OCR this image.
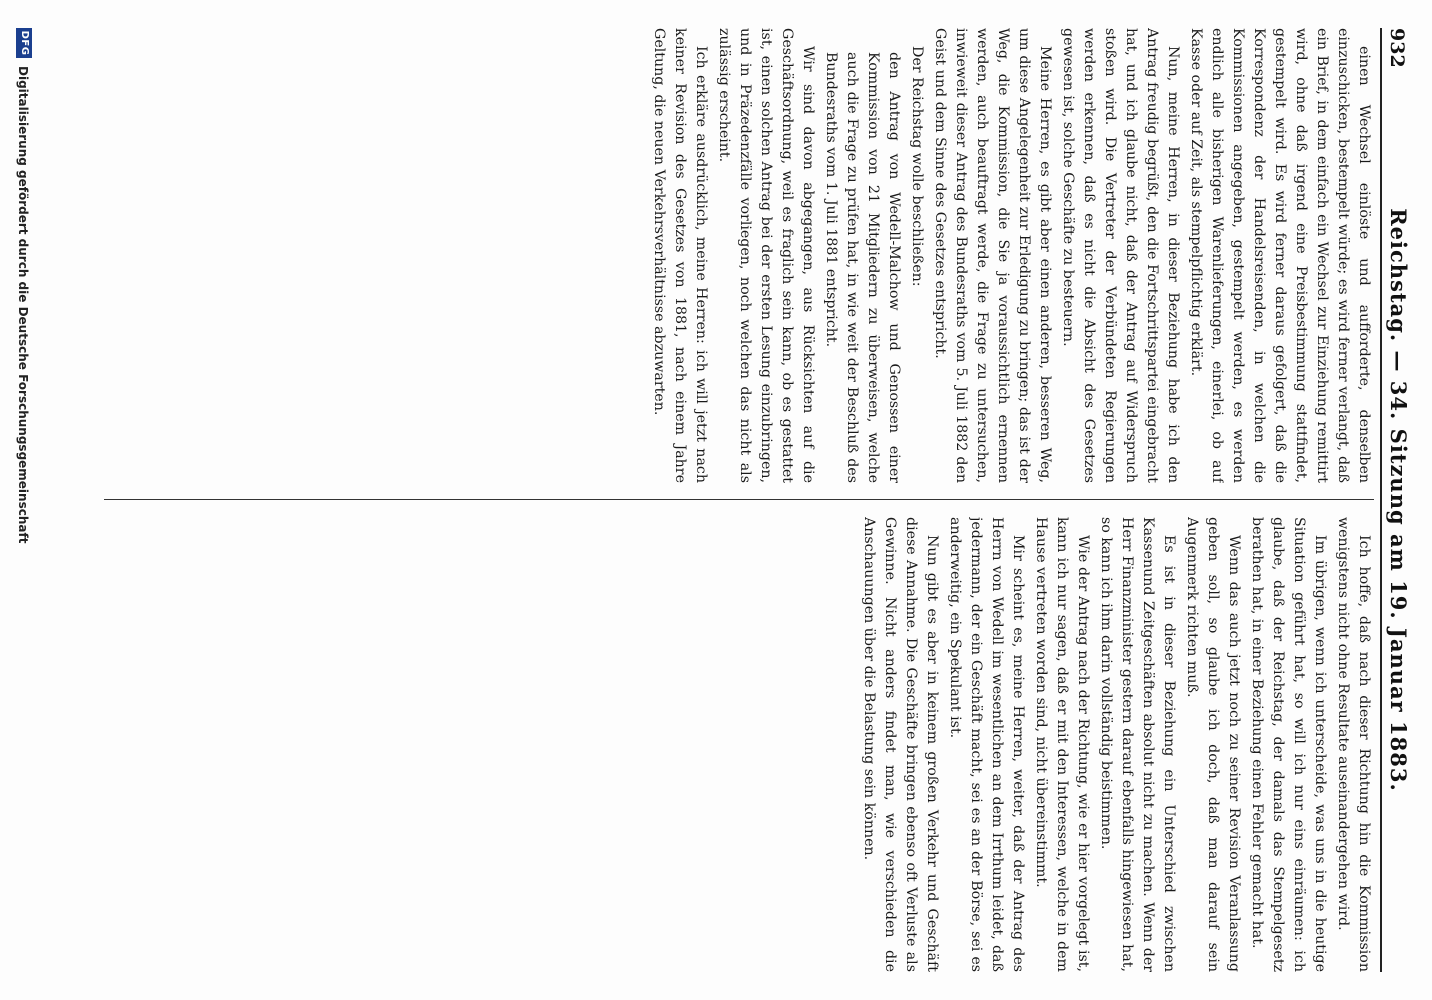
932
Reichstag. — 34. Sitzung am 19. Januar 1883.

einen Wechsel einlöste und aufforderte, denselben einzuschicken, bestempelt würde; es wird ferner verlangt, daß ein Brief, in dem einfach ein Wechsel zur Einziehung remittirt wird, ohne daß irgend eine Preisbestimmung stattfindet, gestempelt wird. Es wird ferner daraus gefolgert, daß die Korrespondenz der Handelsreisenden, in welchen die Kommissionen angegeben, gestempelt werden, es werden endlich alle bisherigen Warenlieferungen, einerlei, ob auf Kasse oder auf Zeit, als stempelpflichtig erklärt.

Nun, meine Herren, in dieser Beziehung habe ich den Antrag freudig begrüßt, den die Fortschrittspartei eingebracht hat, und ich glaube nicht, daß der Antrag auf Widerspruch stoßen wird. Die Vertreter der Verbündeten Regierungen werden erkennen, daß es nicht die Absicht des Gesetzes gewesen ist, solche Geschäfte zu besteuern.

Meine Herren, es gibt aber einen anderen, besseren Weg, um diese Angelegenheit zur Erledigung zu bringen; das ist der Weg, die Kommission, die Sie ja voraussichtlich ernennen werden, auch beauftragt werde, die Frage zu untersuchen, inwieweit dieser Antrag des Bundesraths vom 5. Juli 1882 den Geist und dem Sinne des Gesetzes entspricht.

Der Reichstag wolle beschließen:

den Antrag von Wedell-Malchow und Genossen einer Kommission von 21 Mitgliedern zu überweisen, welche auch die Frage zu prüfen hat, in wie weit der Beschluß des Bundesraths vom 1. Juli 1881 entspricht.

Wir sind davon abgegangen, aus Rücksichten auf die Geschäftsordnung, weil es fraglich sein kann, ob es gestattet ist, einen solchen Antrag bei der ersten Lesung einzubringen, und in Präzedenzfälle vorliegen, noch welchen das nicht als zulässig erscheint.

Ich erkläre ausdrücklich, meine Herren: ich will jetzt nach keiner Revision des Gesetzes von 1881, nach einem Jahre Geltung, die neuen Verkehrsverhältnisse abzuwarten.

Ich hoffe, daß nach dieser Richtung hin die Kommission wenigstens nicht ohne Resultate auseinandergehen wird.

Im übrigen, wenn ich unterscheide, was uns in die heutige Situation geführt hat, so will ich nur eins einräumen: ich glaube, daß der Reichstag, der damals das Stempelgesetz berathen hat, in einer Beziehung einen Fehler gemacht hat.

Wenn das auch jetzt noch zu seiner Revision Veranlassung geben soll, so glaube ich doch, daß man darauf sein Augenmerk richten muß.

Es ist in dieser Beziehung ein Unterschied zwischen Kassenund Zeitgeschäften absolut nicht zu machen. Wenn der Herr Finanzminister gestern darauf ebenfalls hingewiesen hat, so kann ich ihm darin vollständig beistimmen.

Wie der Antrag nach der Richtung, wie er hier vorgelegt ist, kann ich nur sagen, daß er mit den Interessen, welche in dem Hause vertreten worden sind, nicht übereinstimmt.

Mir scheint es, meine Herren, weiter, daß der Antrag des Herrn von Wedell im wesentlichen an dem Irrthum leidet, daß jedermann, der ein Geschäft macht, sei es an der Börse, sei es anderweitig, ein Spekulant ist.

Nun gibt es aber in keinem großen Verkehr und Geschäft diese Annahme. Die Geschäfte bringen ebenso oft Verluste als Gewinne. Nicht anders findet man, wie verschieden die Anschauungen über die Belastung sein können.

DFG
Digitalisierung gefördert durch die Deutsche Forschungsgemeinschaft
